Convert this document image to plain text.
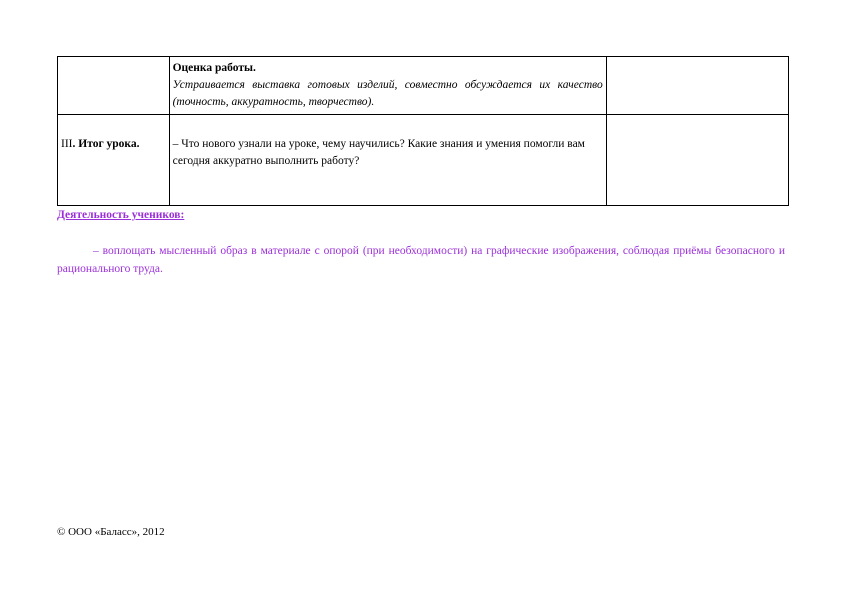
	Оценка работы.
Устраивается выставка готовых изделий, совместно обсуждается их качество (точность, аккуратность, творчество).	

III. Итог урока.	– Что нового узнали на уроке, чему научились? Какие знания и умения помогли вам сегодня аккуратно выполнить работу?	
Деятельность учеников:
– воплощать мысленный образ в материале с опорой (при необходимости) на графические изображения, соблюдая приёмы безопасного и рационального труда.
© ООО «Баласс», 2012
